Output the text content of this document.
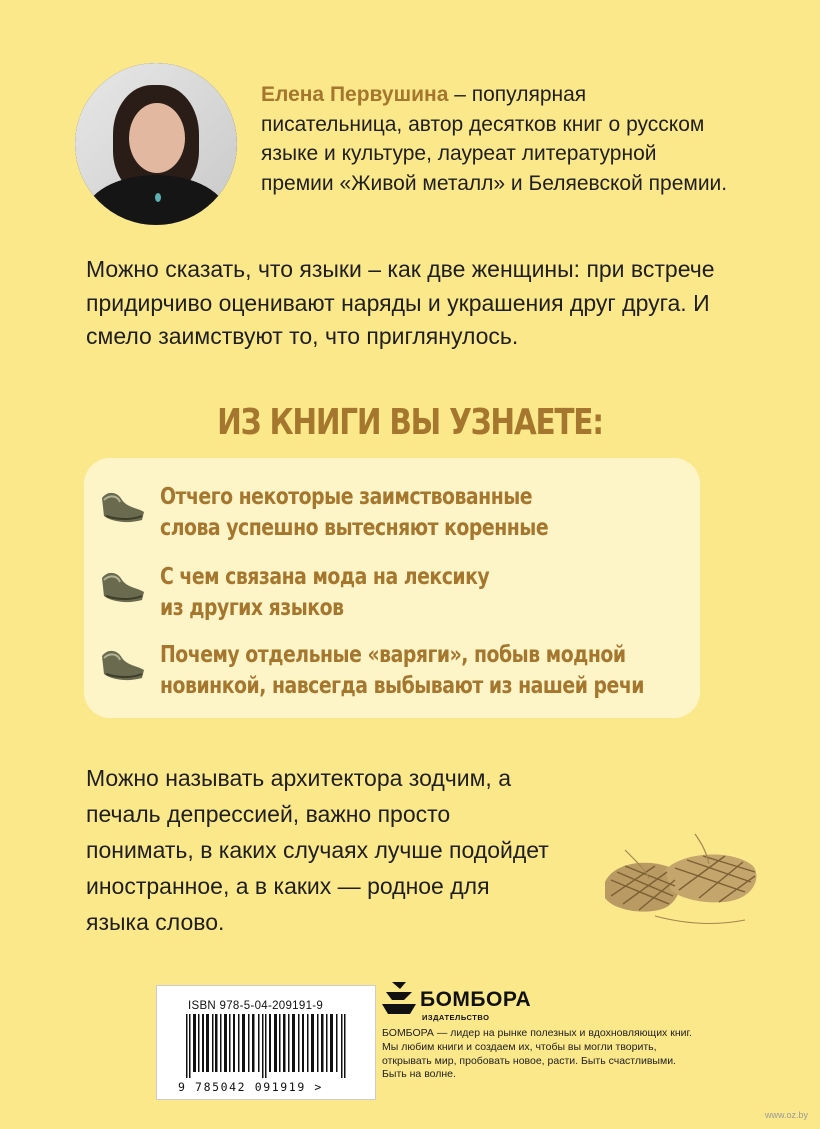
Елена Первушина – популярная писательница, автор десятков книг о русском языке и культуре, лауреат литературной премии «Живой металл» и Беляевской премии.
Можно сказать, что языки – как две женщины: при встрече придирчиво оценивают наряды и украшения друг друга. И смело заимствуют то, что приглянулось.
ИЗ КНИГИ ВЫ УЗНАЕТЕ:
Отчего некоторые заимствованные
слова успешно вытесняют коренные
С чем связана мода на лексику
из других языков
Почему отдельные «варяги», побыв модной
новинкой, навсегда выбывают из нашей речи
Можно называть архитектора зодчим, а печаль депрессией, важно просто понимать, в каких случаях лучше подойдет иностранное, а в каких — родное для языка слово.
ISBN 978-5-04-209191-9
9 785042 091919 >
БОМБОРА
ИЗДАТЕЛЬСТВО
БОМБОРА — лидер на рынке полезных и вдохновляющих книг. Мы любим книги и создаем их, чтобы вы могли творить, открывать мир, пробовать новое, расти. Быть счастливыми. Быть на волне.
www.oz.by
